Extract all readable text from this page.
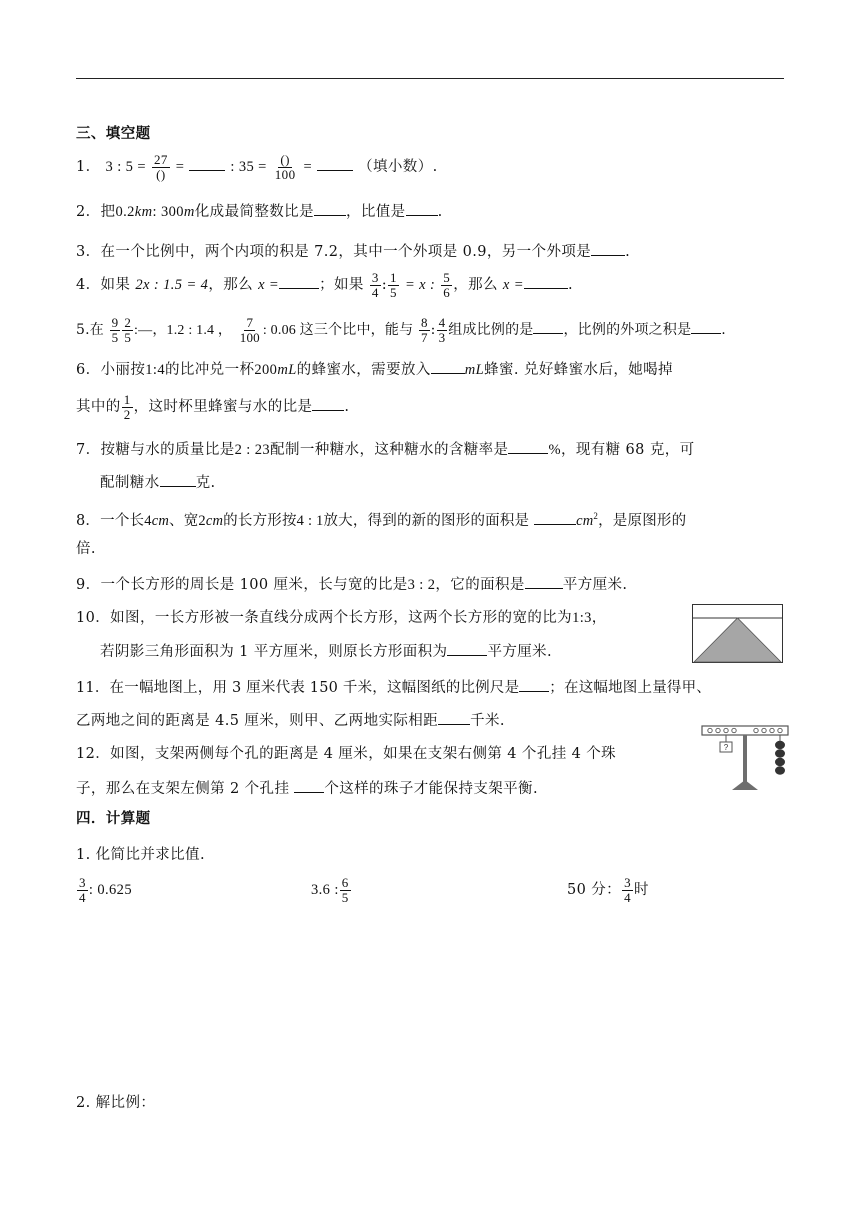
三、填空题
1． 3 : $5 = \frac{27}{()}$ =	: $35 = \frac{()}{100}$ =	（填小数）.
2．把0.2km: 300m化成最简整数比是 ，比值是 .
3．在一个比例中，两个内项的积是 7.2，其中一个外项是 0.9，另一个外项是 .
4．如果 2x : 1.5 = 4，那么 x =	；如果 $\frac{3}{4}$ : $\frac{1}{5} = x$ : $\frac{5}{6}$ ，那么 x =	.
5.在 $\frac{9}{5} \frac{2}{5}$ :—，1.2 : 1.4 ， $\frac{7}{100}$ : 0.06 这三个比中，能与 $\frac{8}{7}$ : $\frac{4}{3}$ 组成比例的是 ，比例的外项之积是 .
6．小丽按1:4的比冲兑一杯200mL的蜂蜜水，需要放入 mL蜂蜜. 兑好蜂蜜水后，她喝掉
其中的 $\frac{1}{2}$ ，这时杯里蜂蜜与水的比是 .
7．按糖与水的质量比是2 : 23配制一种糖水，这种糖水的含糖率是	%，现有糖 68 克，可
配制糖水 克.
8．一个长4cm、宽2cm的长方形按4 : 1放大，得到的新的图形的面积是	$cm^2$，是原图形的
倍.
9．一个长方形的周长是 100 厘米，长与宽的比是3 : 2，它的面积是	平方厘米.
10．如图，一长方形被一条直线分成两个长方形，这两个长方形的宽的比为1:3，
若阴影三角形面积为 1 平方厘米，则原长方形面积为	平方厘米.
11．在一幅地图上，用 3 厘米代表 150 千米，这幅图纸的比例尺是 ；在这幅地图上量得甲、
乙两地之间的距离是 4.5 厘米，则甲、乙两地实际相距 千米.
12．如图，支架两侧每个孔的距离是 4 厘米，如果在支架右侧第 4 个孔挂 4 个珠
子，那么在支架左侧第 2 个孔挂 个这样的珠子才能保持支架平衡.
?
四．计算题
1. 化简比并求比值.
$\frac{3}{4}$ : 0.625	3.6 : $\frac{6}{5}$	50 分： $\frac{3}{4}$ 时
2. 解比例：
